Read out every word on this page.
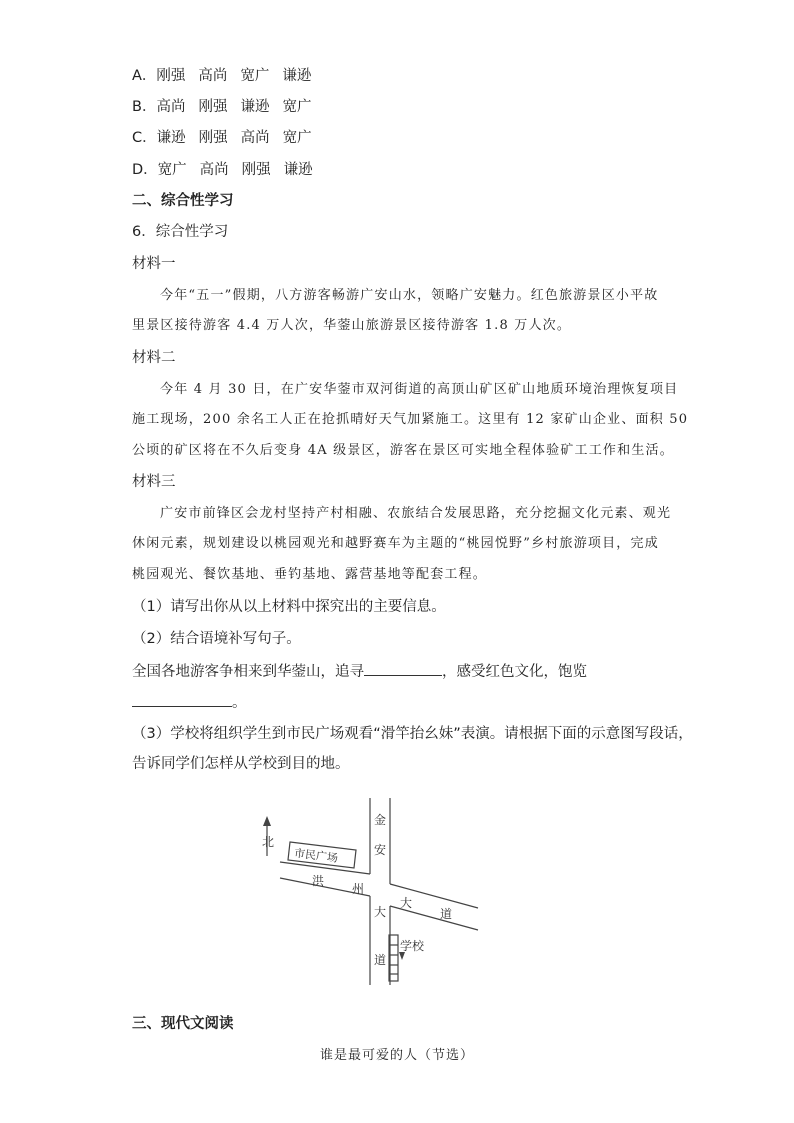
A．刚强 高尚 宽广 谦逊
B．高尚 刚强 谦逊 宽广
C．谦逊 刚强 高尚 宽广
D．宽广 高尚 刚强 谦逊
二、综合性学习
6．综合性学习
材料一
今年“五一”假期，八方游客畅游广安山水，领略广安魅力。红色旅游景区小平故
里景区接待游客 4.4 万人次，华蓥山旅游景区接待游客 1.8 万人次。
材料二
今年 4 月 30 日，在广安华蓥市双河街道的高顶山矿区矿山地质环境治理恢复项目
施工现场，200 余名工人正在抢抓晴好天气加紧施工。这里有 12 家矿山企业、面积 50
公顷的矿区将在不久后变身 4A 级景区，游客在景区可实地全程体验矿工工作和生活。
材料三
广安市前锋区会龙村坚持产村相融、农旅结合发展思路，充分挖掘文化元素、观光
休闲元素，规划建设以桃园观光和越野赛车为主题的“桃园悦野”乡村旅游项目，完成
桃园观光、餐饮基地、垂钓基地、露营基地等配套工程。
（1）请写出你从以上材料中探究出的主要信息。
（2）结合语境补写句子。
全国各地游客争相来到华蓥山，追寻	，感受红色文化，饱览
。
（3）学校将组织学生到市民广场观看“滑竿抬幺妹”表演。请根据下面的示意图写段话，
告诉同学们怎样从学校到目的地。
北
市民广场
金
安
大
道
洪
州
大
道
学校
三、现代文阅读
谁是最可爱的人（节选）
